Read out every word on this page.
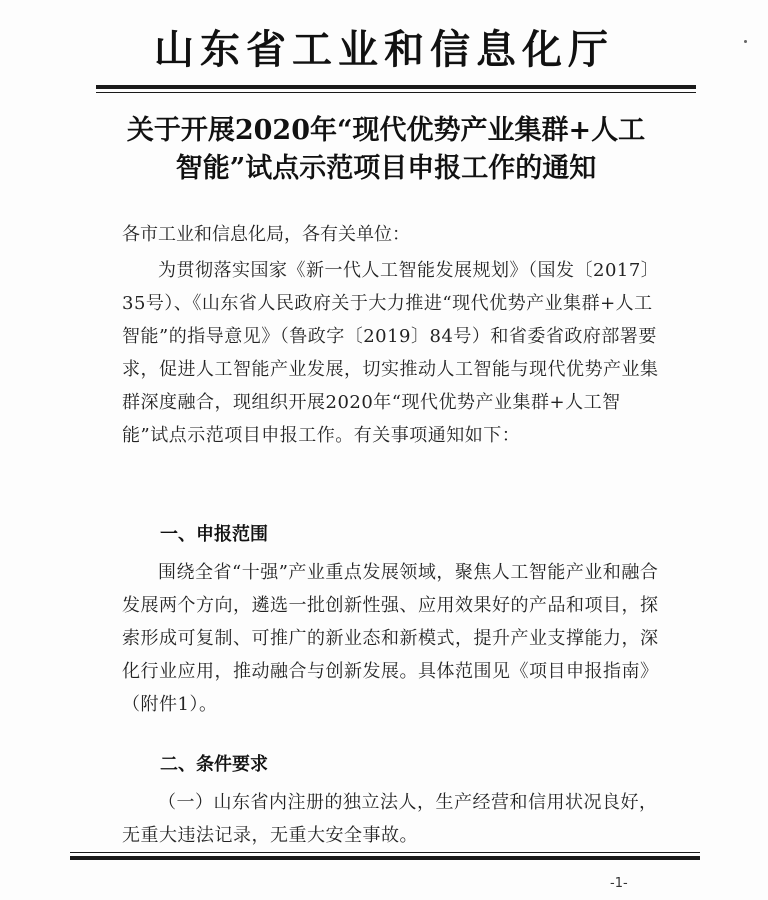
山东省工业和信息化厅
关于开展2020年“现代优势产业集群+人工
智能”试点示范项目申报工作的通知
各市工业和信息化局，各有关单位：
为贯彻落实国家《新一代人工智能发展规划》（国发〔2017〕35号）、《山东省人民政府关于大力推进“现代优势产业集群+人工智能”的指导意见》（鲁政字〔2019〕84号）和省委省政府部署要求，促进人工智能产业发展，切实推动人工智能与现代优势产业集群深度融合，现组织开展2020年“现代优势产业集群+人工智能”试点示范项目申报工作。有关事项通知如下：
一、申报范围
围绕全省“十强”产业重点发展领域，聚焦人工智能产业和融合发展两个方向，遴选一批创新性强、应用效果好的产品和项目，探索形成可复制、可推广的新业态和新模式，提升产业支撑能力，深化行业应用，推动融合与创新发展。具体范围见《项目申报指南》（附件1）。
二、条件要求
（一）山东省内注册的独立法人，生产经营和信用状况良好，无重大违法记录，无重大安全事故。
-1-
